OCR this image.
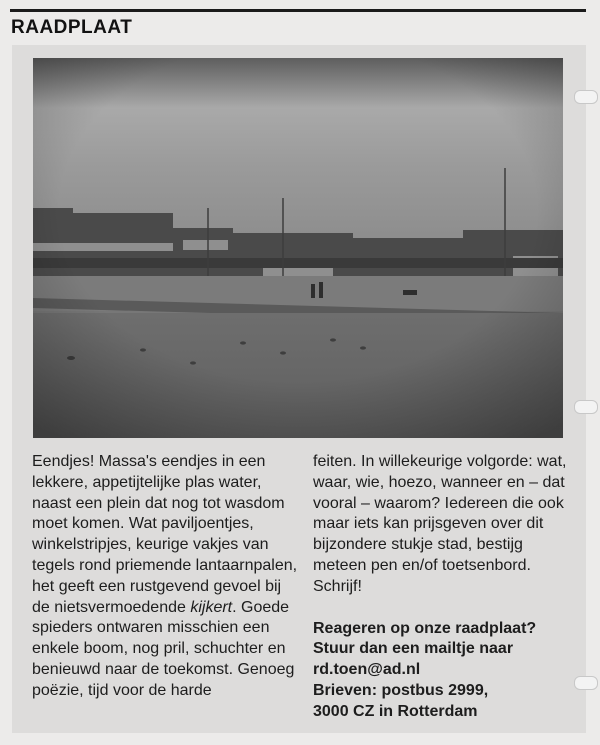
RAADPLAAT

Eendjes! Massa's eendjes in een lekkere, appetijtelijke plas water, naast een plein dat nog tot wasdom moet komen. Wat paviljoentjes, winkelstripjes, keurige vakjes van tegels rond priemende lantaarnpalen, het geeft een rustgevend gevoel bij de nietsvermoedende kijkert. Goede spieders ontwaren misschien een enkele boom, nog pril, schuchter en benieuwd naar de toekomst. Genoeg poëzie, tijd voor de harde

feiten. In willekeurige volgorde: wat, waar, wie, hoezo, wanneer en – dat vooral – waarom? Iedereen die ook maar iets kan prijsgeven over dit bijzondere stukje stad, bestijg meteen pen en/of toetsenbord. Schrijf!

Reageren op onze raadplaat?
Stuur dan een mailtje naar
rd.toen@ad.nl
Brieven: postbus 2999,
3000 CZ in Rotterdam
